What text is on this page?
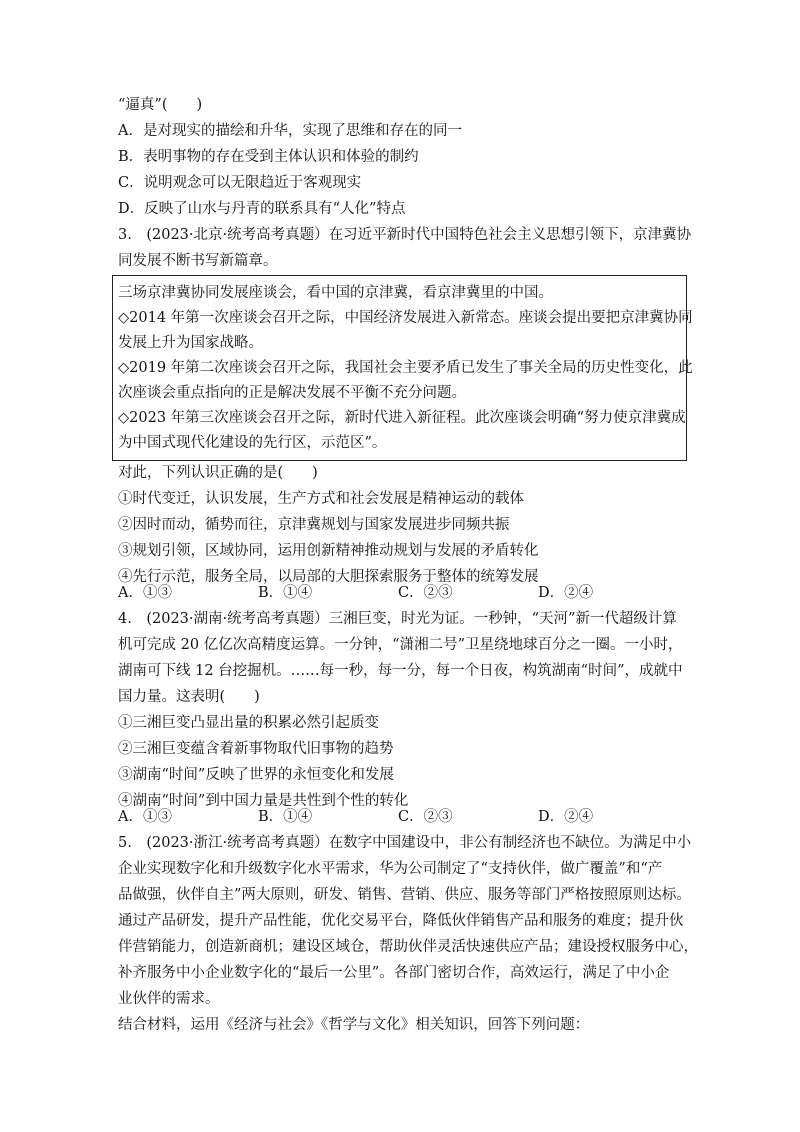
“逼真”(　　)
A．是对现实的描绘和升华，实现了思维和存在的同一
B．表明事物的存在受到主体认识和体验的制约
C．说明观念可以无限趋近于客观现实
D．反映了山水与丹青的联系具有“人化”特点
3.　(2023·北京·统考高考真题）在习近平新时代中国特色社会主义思想引领下，京津冀协
同发展不断书写新篇章。
三场京津冀协同发展座谈会，看中国的京津冀，看京津冀里的中国。
◇2014 年第一次座谈会召开之际，中国经济发展进入新常态。座谈会提出要把京津冀协同
发展上升为国家战略。
◇2019 年第二次座谈会召开之际，我国社会主要矛盾已发生了事关全局的历史性变化，此
次座谈会重点指向的正是解决发展不平衡不充分问题。
◇2023 年第三次座谈会召开之际，新时代进入新征程。此次座谈会明确“努力使京津冀成
为中国式现代化建设的先行区，示范区”。
对此，下列认识正确的是(　　)
①时代变迁，认识发展，生产方式和社会发展是精神运动的载体
②因时而动，循势而往，京津冀规划与国家发展进步同频共振
③规划引领，区域协同，运用创新精神推动规划与发展的矛盾转化
④先行示范，服务全局，以局部的大胆探索服务于整体的统筹发展
A．①③	B．①④	C．②③	D．②④
4.　(2023·湖南·统考高考真题）三湘巨变，时光为证。一秒钟，“天河”新一代超级计算
机可完成 20 亿亿次高精度运算。一分钟，“潇湘二号”卫星绕地球百分之一圈。一小时，
湖南可下线 12 台挖掘机。……每一秒，每一分，每一个日夜，构筑湖南“时间”，成就中
国力量。这表明(　　)
①三湘巨变凸显出量的积累必然引起质变
②三湘巨变蕴含着新事物取代旧事物的趋势
③湖南“时间”反映了世界的永恒变化和发展
④湖南“时间”到中国力量是共性到个性的转化
A．①③	B．①④	C．②③	D．②④
5.　(2023·浙江·统考高考真题）在数字中国建设中，非公有制经济也不缺位。为满足中小
企业实现数字化和升级数字化水平需求，华为公司制定了“支持伙伴，做广覆盖”和“产
品做强，伙伴自主”两大原则，研发、销售、营销、供应、服务等部门严格按照原则达标。
通过产品研发，提升产品性能，优化交易平台，降低伙伴销售产品和服务的难度；提升伙
伴营销能力，创造新商机；建设区域仓，帮助伙伴灵活快速供应产品；建设授权服务中心，
补齐服务中小企业数字化的“最后一公里”。各部门密切合作，高效运行，满足了中小企
业伙伴的需求。
结合材料，运用《经济与社会》《哲学与文化》相关知识，回答下列问题：
